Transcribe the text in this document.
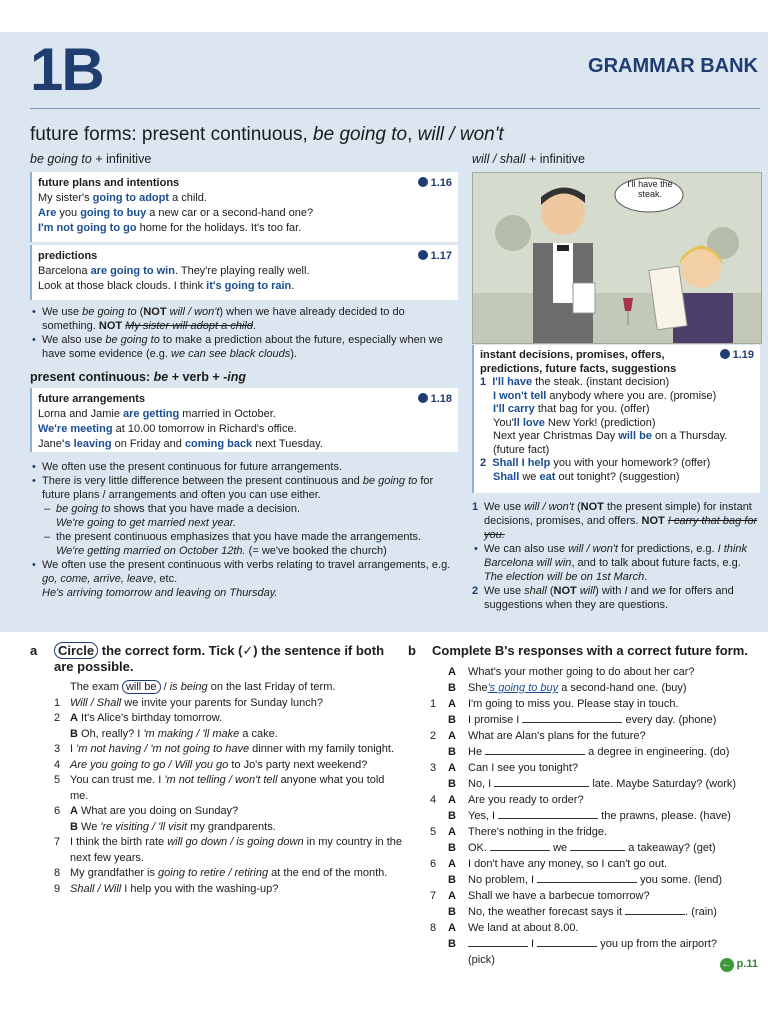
1B	GRAMMAR BANK
future forms: present continuous, be going to, will / won't
be going to + infinitive
future plans and intentions	1.16
My sister's going to adopt a child.
Are you going to buy a new car or a second-hand one?
I'm not going to go home for the holidays. It's too far.
predictions	1.17
Barcelona are going to win. They're playing really well.
Look at those black clouds. I think it's going to rain.
• We use be going to (NOT will / won't) when we have already decided to do something. NOT My sister will adopt a child.
• We also use be going to to make a prediction about the future, especially when we have some evidence (e.g. we can see black clouds).
present continuous: be + verb + -ing
future arrangements	1.18
Lorna and Jamie are getting married in October.
We're meeting at 10.00 tomorrow in Richard's office.
Jane's leaving on Friday and coming back next Tuesday.
• We often use the present continuous for future arrangements.
• There is very little difference between the present continuous and be going to for future plans / arrangements and often you can use either.
– be going to shows that you have made a decision.
We're going to get married next year.
– the present continuous emphasizes that you have made the arrangements.
We're getting married on October 12th. (= we've booked the church)
• We often use the present continuous with verbs relating to travel arrangements, e.g. go, come, arrive, leave, etc.
He's arriving tomorrow and leaving on Thursday.
will / shall + infinitive
I'll have the steak.
instant decisions, promises, offers,
predictions, future facts, suggestions
1.19
1 I'll have the steak. (instant decision)
I won't tell anybody where you are. (promise)
I'll carry that bag for you. (offer)
You'll love New York! (prediction)
Next year Christmas Day will be on a Thursday. (future fact)
2 Shall I help you with your homework? (offer)
Shall we eat out tonight? (suggestion)
1 We use will / won't (NOT the present simple) for instant decisions, promises, and offers. NOT I carry that bag for you.
• We can also use will / won't for predictions, e.g. I think Barcelona will win, and to talk about future facts, e.g. The election will be on 1st March.
2 We use shall (NOT will) with I and we for offers and suggestions when they are questions.
a	Circle the correct form. Tick (✓) the sentence if both are possible.
The exam will be / is being on the last Friday of term.
1 Will / Shall we invite your parents for Sunday lunch?
2 A It's Alice's birthday tomorrow.
B Oh, really? I 'm making / 'll make a cake.
3 I 'm not having / 'm not going to have dinner with my family tonight.
4 Are you going to go / Will you go to Jo's party next weekend?
5 You can trust me. I 'm not telling / won't tell anyone what you told me.
6 A What are you doing on Sunday?
B We 're visiting / 'll visit my grandparents.
7 I think the birth rate will go down / is going down in my country in the next few years.
8 My grandfather is going to retire / retiring at the end of the month.
9 Shall / Will I help you with the washing-up?
b Complete B's responses with a correct future form.
A What's your mother going to do about her car?
B She's going to buy a second-hand one. (buy)
1 A I'm going to miss you. Please stay in touch.
B I promise I	every day. (phone)
2 A What are Alan's plans for the future?
B He	a degree in engineering. (do)
3 A Can I see you tonight?
B No, I	late. Maybe Saturday? (work)
4 A Are you ready to order?
B Yes, I	the prawns, please. (have)
5 A There's nothing in the fridge.
B OK.	we	a takeaway? (get)
6 A I don't have any money, so I can't go out.
B No problem, I	you some. (lend)
7 A Shall we have a barbecue tomorrow?
B No, the weather forecast says it	. (rain)
8 A We land at about 8.00.
B	I	you up from the airport?
(pick)	← p.11
